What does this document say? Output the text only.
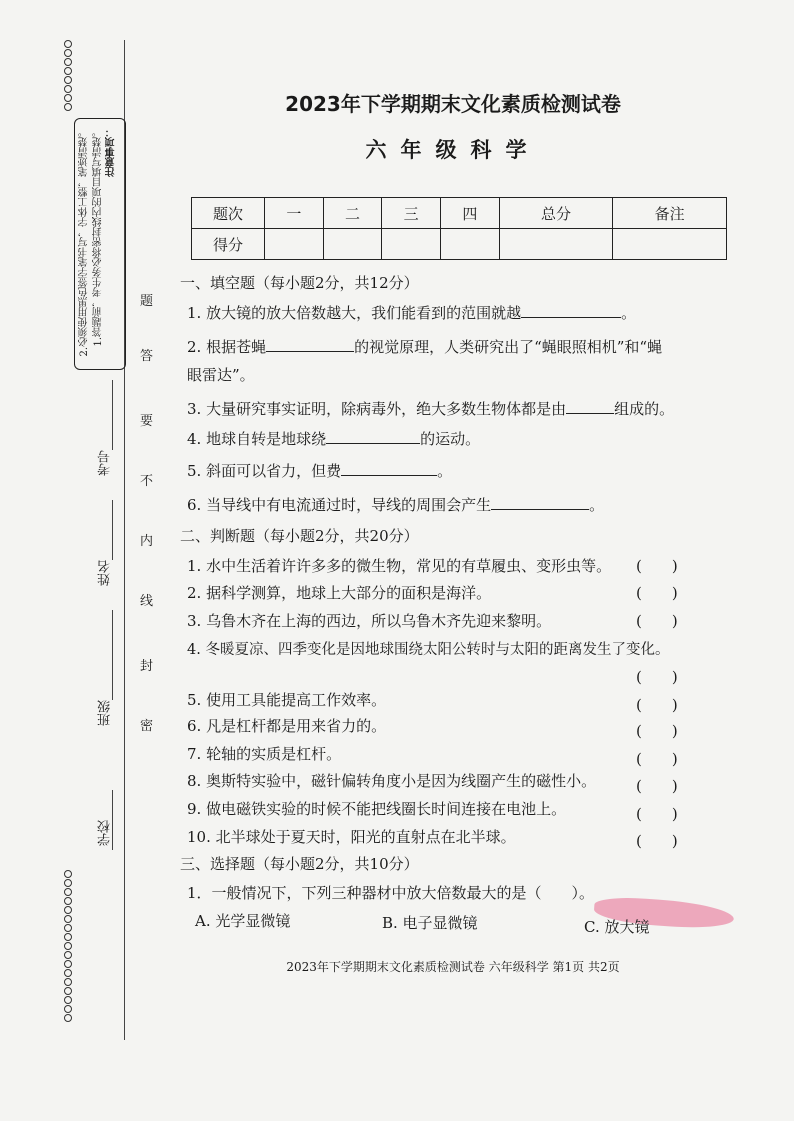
注意事项：
1.答题前，考生务必将密封线内的项目填写清楚。
2.必须使用黑色签字笔书写，字体工整，笔迹清楚。
学校
班级
姓名
考号
密
封
线
内
不
要
答
题
2023年下学期期末文化素质检测试卷
六年级科学
题次	一	二	三	四	总分	备注
得分						
一、填空题（每小题2分，共12分）
1. 放大镜的放大倍数越大，我们能看到的范围就越	。
2. 根据苍蝇	的视觉原理，人类研究出了“蝇眼照相机”和“蝇
眼雷达”。
3. 大量研究事实证明，除病毒外，绝大多数生物体都是由	组成的。
4. 地球自转是地球绕	的运动。
5. 斜面可以省力，但费	。
6. 当导线中有电流通过时，导线的周围会产生	。
二、判断题（每小题2分，共20分）
1. 水中生活着许许多多的微生物，常见的有草履虫、变形虫等。 (　　)
2. 据科学测算，地球上大部分的面积是海洋。	(　　)
3. 乌鲁木齐在上海的西边，所以乌鲁木齐先迎来黎明。	(　　)
4. 冬暖夏凉、四季变化是因地球围绕太阳公转时与太阳的距离发生了变化。
(　　)
5. 使用工具能提高工作效率。	(　　)
6. 凡是杠杆都是用来省力的。	(　　)
7. 轮轴的实质是杠杆。	(　　)
8. 奥斯特实验中，磁针偏转角度小是因为线圈产生的磁性小。	(　　)
9. 做电磁铁实验的时候不能把线圈长时间连接在电池上。	(　　)
10. 北半球处于夏天时，阳光的直射点在北半球。	(　　)
三、选择题（每小题2分，共10分）
1．一般情况下，下列三种器材中放大倍数最大的是（　　）。
A. 光学显微镜	B. 电子显微镜	C. 放大镜
2023年下学期期末文化素质检测试卷 六年级科学 第1页 共2页
